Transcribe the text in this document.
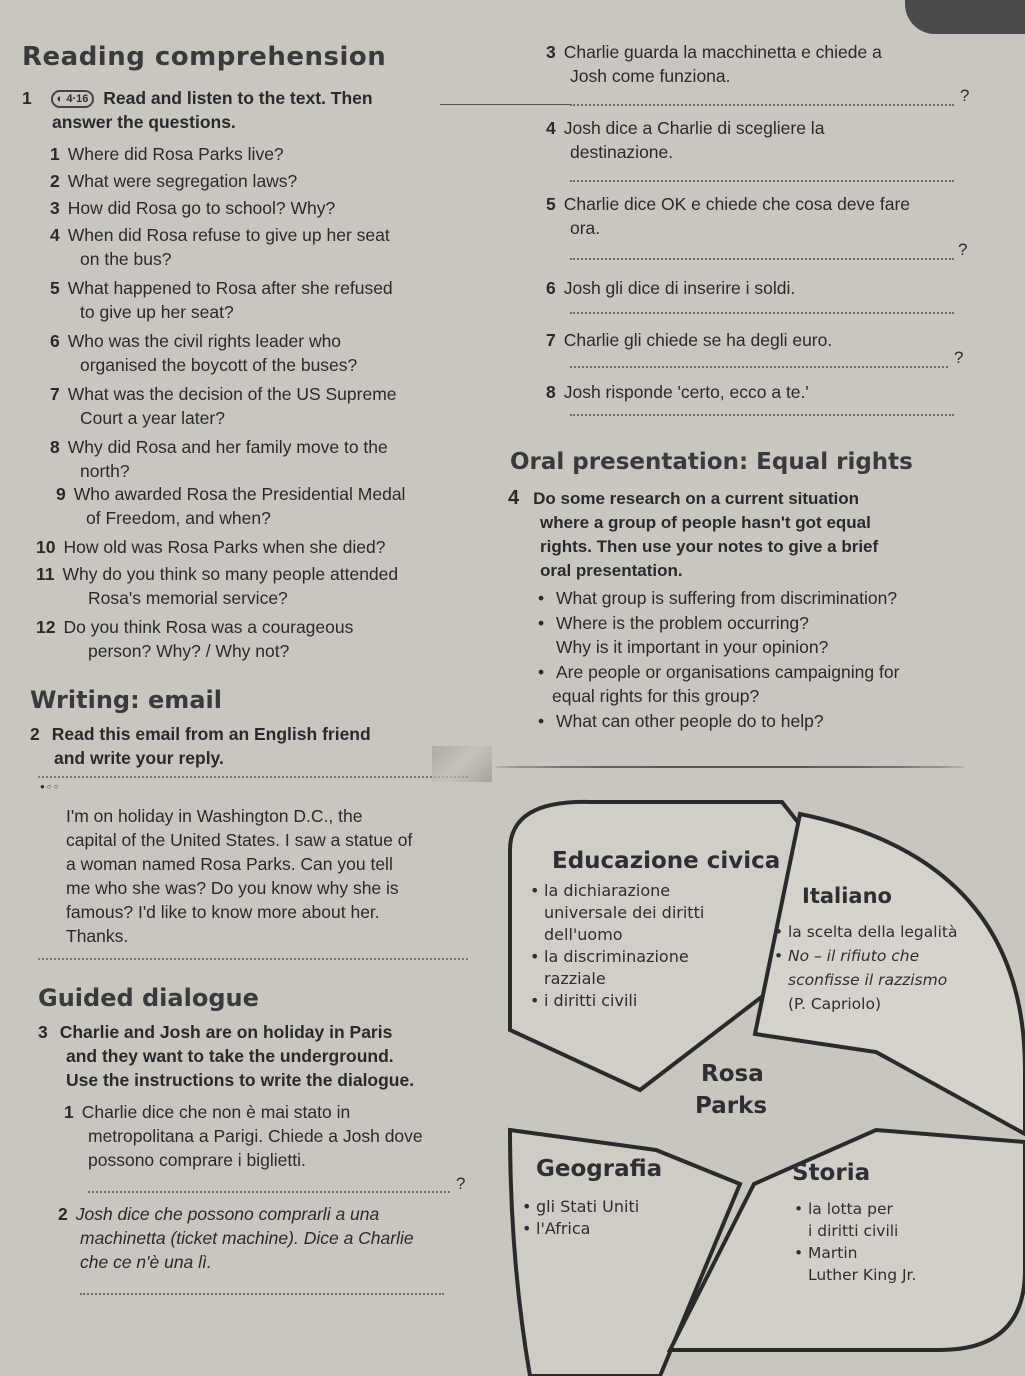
Reading comprehension
1 ◐ 4·16 Read and listen to the text. Then
answer the questions.
1 Where did Rosa Parks live?
2 What were segregation laws?
3 How did Rosa go to school? Why?
4 When did Rosa refuse to give up her seat
on the bus?
5 What happened to Rosa after she refused
to give up her seat?
6 Who was the civil rights leader who
organised the boycott of the buses?
7 What was the decision of the US Supreme
Court a year later?
8 Why did Rosa and her family move to the
north?
9 Who awarded Rosa the Presidential Medal
of Freedom, and when?
10 How old was Rosa Parks when she died?
11 Why do you think so many people attended
Rosa's memorial service?
12 Do you think Rosa was a courageous
person? Why? / Why not?
Writing: email
2 Read this email from an English friend
and write your reply.
●○○
I'm on holiday in Washington D.C., the
capital of the United States. I saw a statue of
a woman named Rosa Parks. Can you tell
me who she was? Do you know why she is
famous? I'd like to know more about her.
Thanks.
Guided dialogue
3 Charlie and Josh are on holiday in Paris
and they want to take the underground.
Use the instructions to write the dialogue.
1 Charlie dice che non è mai stato in
metropolitana a Parigi. Chiede a Josh dove
possono comprare i biglietti.
?
2 Josh dice che possono comprarli a una
machinetta (ticket machine). Dice a Charlie
che ce n'è una lì.
3 Charlie guarda la macchinetta e chiede a
Josh come funziona.
?
4 Josh dice a Charlie di scegliere la
destinazione.
5 Charlie dice OK e chiede che cosa deve fare
ora.
?
6 Josh gli dice di inserire i soldi.
7 Charlie gli chiede se ha degli euro.
?
8 Josh risponde 'certo, ecco a te.'
Oral presentation: Equal rights
4 Do some research on a current situation
where a group of people hasn't got equal
rights. Then use your notes to give a brief
oral presentation.
• What group is suffering from discrimination?
• Where is the problem occurring?
Why is it important in your opinion?
• Are people or organisations campaigning for
equal rights for this group?
• What can other people do to help?
Educazione civica
• la dichiarazione
universale dei diritti
dell'uomo
• la discriminazione
razziale
• i diritti civili
Italiano
• la scelta della legalità
• No – il rifiuto che
sconfisse il razzismo
(P. Capriolo)
Rosa
Parks
Geografia
• gli Stati Uniti
• l'Africa
Storia
• la lotta per
i diritti civili
• Martin
Luther King Jr.
